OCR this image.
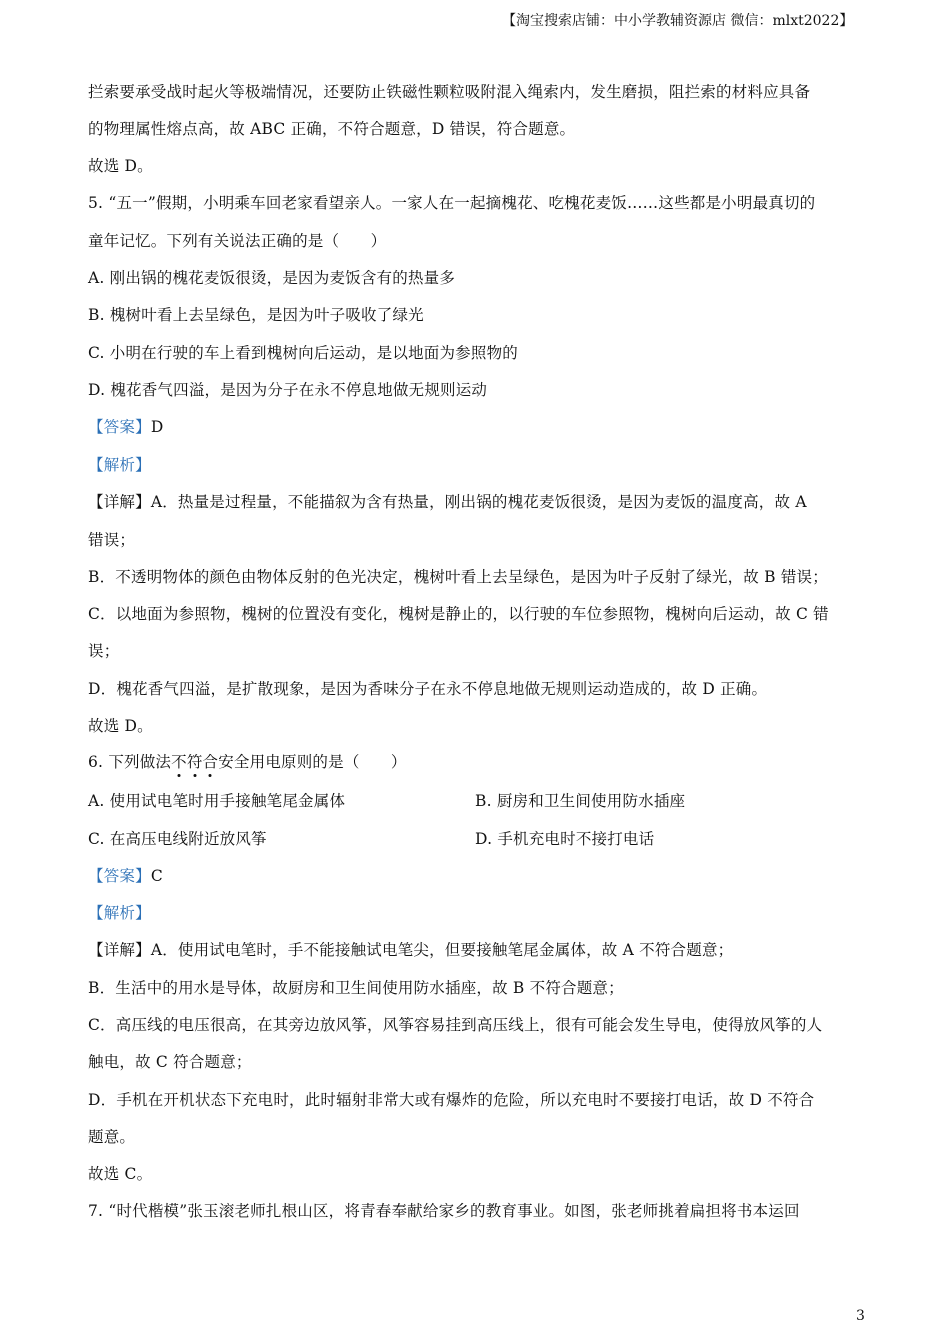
【淘宝搜索店铺：中小学教辅资源店 微信：mlxt2022】
拦索要承受战时起火等极端情况，还要防止铁磁性颗粒吸附混入绳索内，发生磨损，阻拦索的材料应具备
的物理属性熔点高，故 ABC 正确，不符合题意，D 错误，符合题意。
故选 D。
5. “五一”假期，小明乘车回老家看望亲人。一家人在一起摘槐花、吃槐花麦饭……这些都是小明最真切的
童年记忆。下列有关说法正确的是（　　）
A. 刚出锅的槐花麦饭很烫，是因为麦饭含有的热量多
B. 槐树叶看上去呈绿色，是因为叶子吸收了绿光
C. 小明在行驶的车上看到槐树向后运动，是以地面为参照物的
D. 槐花香气四溢，是因为分子在永不停息地做无规则运动
【答案】D
【解析】
【详解】A．热量是过程量，不能描叙为含有热量，刚出锅的槐花麦饭很烫，是因为麦饭的温度高，故 A
错误；
B．不透明物体的颜色由物体反射的色光决定，槐树叶看上去呈绿色，是因为叶子反射了绿光，故 B 错误；
C．以地面为参照物，槐树的位置没有变化，槐树是静止的，以行驶的车位参照物，槐树向后运动，故 C 错
误；
D．槐花香气四溢，是扩散现象，是因为香味分子在永不停息地做无规则运动造成的，故 D 正确。
故选 D。
6. 下列做法不符合安全用电原则的是（　　）
A. 使用试电笔时用手接触笔尾金属体	B. 厨房和卫生间使用防水插座
C. 在高压电线附近放风筝	D. 手机充电时不接打电话
【答案】C
【解析】
【详解】A．使用试电笔时，手不能接触试电笔尖，但要接触笔尾金属体，故 A 不符合题意；
B．生活中的用水是导体，故厨房和卫生间使用防水插座，故 B 不符合题意；
C．高压线的电压很高，在其旁边放风筝，风筝容易挂到高压线上，很有可能会发生导电，使得放风筝的人
触电，故 C 符合题意；
D．手机在开机状态下充电时，此时辐射非常大或有爆炸的危险，所以充电时不要接打电话，故 D 不符合
题意。
故选 C。
7. “时代楷模”张玉滚老师扎根山区，将青春奉献给家乡的教育事业。如图，张老师挑着扁担将书本运回
3
